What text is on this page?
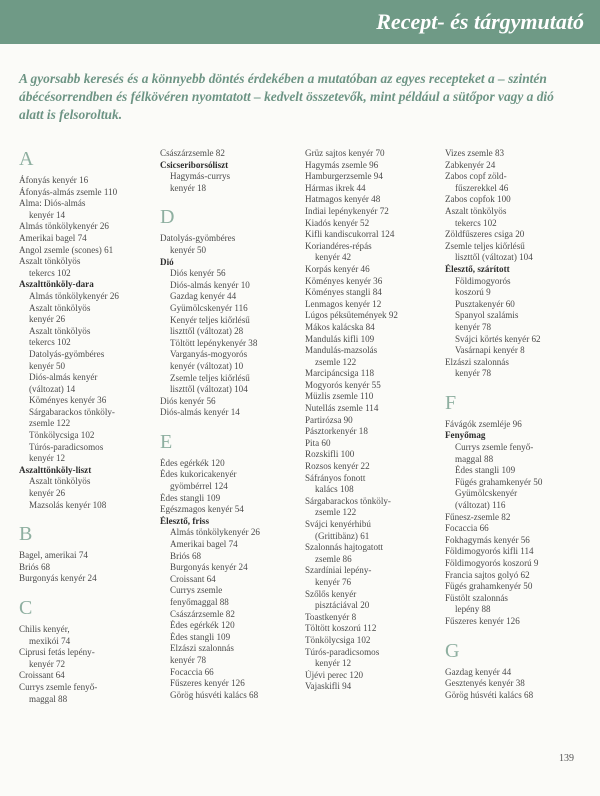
Recept- és tárgymutató

A gyorsabb keresés és a könnyebb döntés érdekében a mutatóban az egyes recepteket a – szintén ábécésorrendben és félkövéren nyomtatott – kedvelt összetevők, mint például a sütőpor vagy a dió alatt is felsoroltuk.

A
Áfonyás kenyér 16
Áfonyás-almás zsemle 110
Alma: Diós-almás
kenyér 14
Almás tönkölykenyér 26
Amerikai bagel 74
Angol zsemle (scones) 61
Aszalt tönkölyös
tekercs 102
Aszalttönköly-dara
Almás tönkölykenyér 26
Aszalt tönkölyös
kenyér 26
Aszalt tönkölyös
tekercs 102
Datolyás-gyömbéres
kenyér 50
Diós-almás kenyér
(változat) 14
Köményes kenyér 36
Sárgabarackos tönköly-
zsemle 122
Tönkölycsiga 102
Túrós-paradicsomos
kenyér 12
Aszalttönköly-liszt
Aszalt tönkölyös
kenyér 26
Mazsolás kenyér 108
B
Bagel, amerikai 74
Briós 68
Burgonyás kenyér 24
C
Chilis kenyér,
mexikói 74
Ciprusi fetás lepény-
kenyér 72
Croissant 64
Currys zsemle fenyő-
maggal 88
Császárzsemle 82
Csicseriborsóliszt
Hagymás-currys
kenyér 18
D
Datolyás-gyömbéres
kenyér 50
Dió
Diós kenyér 56
Diós-almás kenyér 10
Gazdag kenyér 44
Gyümölcskenyér 116
Kenyér teljes kiőrlésű
liszttől (változat) 28
Töltött lepénykenyér 38
Varganyás-mogyorós
kenyér (változat) 10
Zsemle teljes kiőrlésű
liszttől (változat) 104
Diós kenyér 56
Diós-almás kenyér 14
E
Édes egérkék 120
Édes kukoricakenyér
gyömbérrel 124
Édes stangli 109
Egészmagos kenyér 54
Élesztő, friss
Almás tönkölykenyér 26
Amerikai bagel 74
Briós 68
Burgonyás kenyér 24
Croissant 64
Currys zsemle
fenyőmaggal 88
Császárzsemle 82
Édes egérkék 120
Édes stangli 109
Elzászi szalonnás
kenyér 78
Focaccia 66
Fűszeres kenyér 126
Görög húsvéti kalács 68
Grüz sajtos kenyér 70
Hagymás zsemle 96
Hamburgerzsemle 94
Hármas ikrek 44
Hatmagos kenyér 48
Indiai lepénykenyér 72
Kiadós kenyér 52
Kifli kandiscukorral 124
Koriandéres-répás
kenyér 42
Korpás kenyér 46
Köményes kenyér 36
Köményes stangli 84
Lenmagos kenyér 12
Lúgos péksütemények 92
Mákos kalácska 84
Mandulás kifli 109
Mandulás-mazsolás
zsemle 122
Marcipáncsiga 118
Mogyorós kenyér 55
Müzlis zsemle 110
Nutellás zsemle 114
Partirózsa 90
Pásztorkenyér 18
Pita 60
Rozskifli 100
Rozsos kenyér 22
Sáfrányos fonott
kalács 108
Sárgabarackos tönköly-
zsemle 122
Svájci kenyérhibú
(Grittibänz) 61
Szalonnás hajtogatott
zsemle 86
Szardíniai lepény-
kenyér 76
Szőlős kenyér
pisztáciával 20
Toastkenyér 8
Töltött koszorú 112
Tönkölycsiga 102
Túrós-paradicsomos
kenyér 12
Újévi perec 120
Vajaskifli 94
Vizes zsemle 83
Zabkenyér 24
Zabos copf zöld-
fűszerekkel 46
Zabos copfok 100
Aszalt tönkölyös
tekercs 102
Zöldfűszeres csiga 20
Zsemle teljes kiőrlésű
liszttől (változat) 104
Élesztő, szárított
Földimogyorós
koszorú 9
Pusztakenyér 60
Spanyol szalámis
kenyér 78
Svájci körtés kenyér 62
Vasárnapi kenyér 8
Elzászi szalonnás
kenyér 78
F
Fávágók zsemléje 96
Fenyőmag
Currys zsemle fenyő-
maggal 88
Édes stangli 109
Fügés grahamkenyér 50
Gyümölcskenyér
(változat) 116
Fűnesz-zsemle 82
Focaccia 66
Fokhagymás kenyér 56
Földimogyorós kifli 114
Földimogyorós koszorú 9
Francia sajtos golyó 62
Fügés grahamkenyér 50
Füstölt szalonnás
lepény 88
Fűszeres kenyér 126
G
Gazdag kenyér 44
Gesztenyés kenyér 38
Görög húsvéti kalács 68

139
